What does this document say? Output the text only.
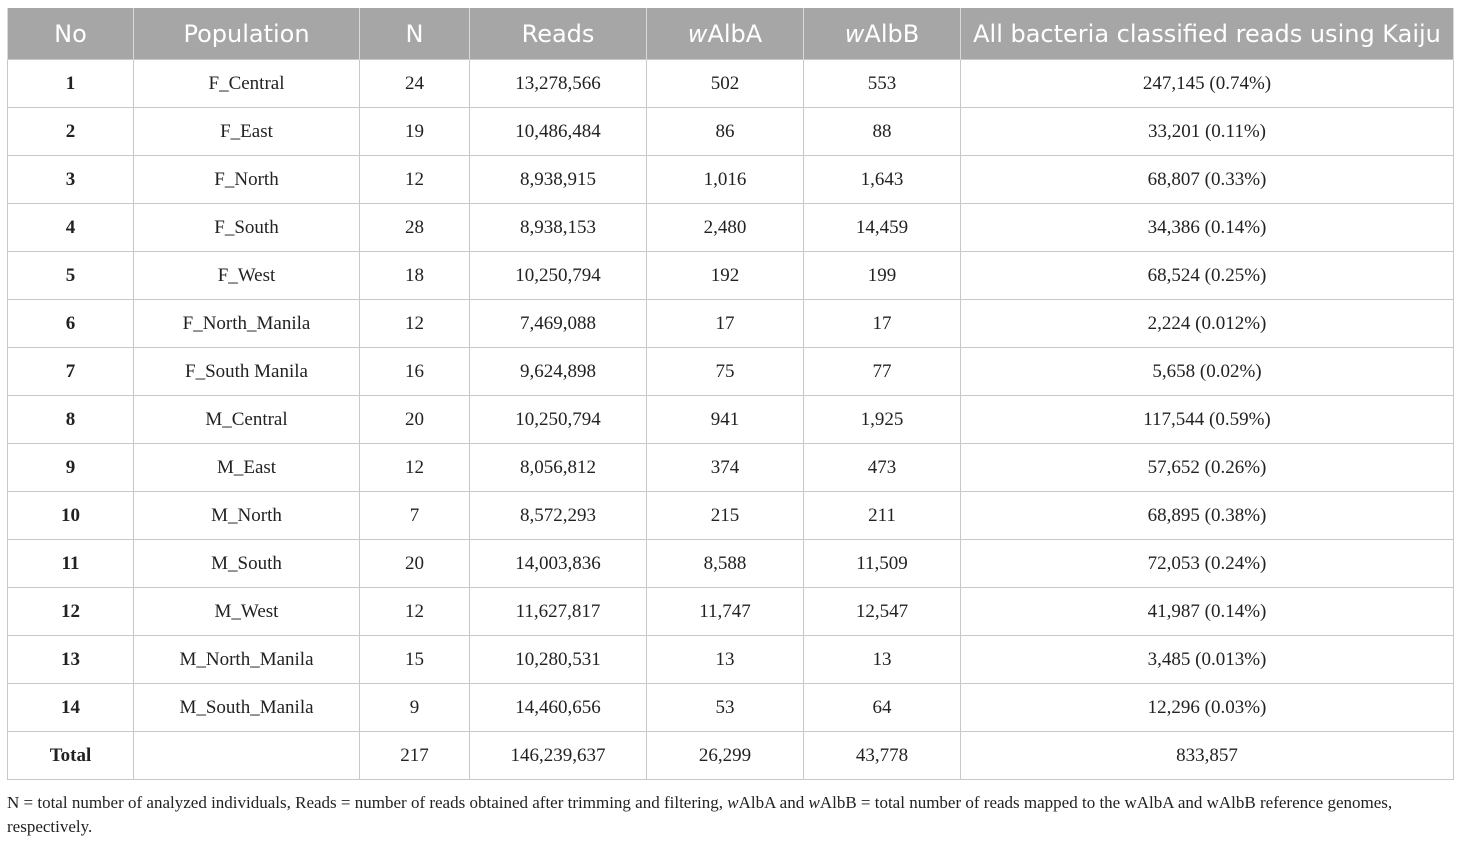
No	Population	N	Reads	wAlbA	wAlbB	All bacteria classified reads using Kaiju
1	F_Central	24	13,278,566	502	553	247,145 (0.74%)
2	F_East	19	10,486,484	86	88	33,201 (0.11%)
3	F_North	12	8,938,915	1,016	1,643	68,807 (0.33%)
4	F_South	28	8,938,153	2,480	14,459	34,386 (0.14%)
5	F_West	18	10,250,794	192	199	68,524 (0.25%)
6	F_North_Manila	12	7,469,088	17	17	2,224 (0.012%)
7	F_South Manila	16	9,624,898	75	77	5,658 (0.02%)
8	M_Central	20	10,250,794	941	1,925	117,544 (0.59%)
9	M_East	12	8,056,812	374	473	57,652 (0.26%)
10	M_North	7	8,572,293	215	211	68,895 (0.38%)
11	M_South	20	14,003,836	8,588	11,509	72,053 (0.24%)
12	M_West	12	11,627,817	11,747	12,547	41,987 (0.14%)
13	M_North_Manila	15	10,280,531	13	13	3,485 (0.013%)
14	M_South_Manila	9	14,460,656	53	64	12,296 (0.03%)
Total		217	146,239,637	26,299	43,778	833,857
N = total number of analyzed individuals, Reads = number of reads obtained after trimming and filtering, wAlbA and wAlbB = total number of reads mapped to the wAlbA and wAlbB reference genomes, respectively.
